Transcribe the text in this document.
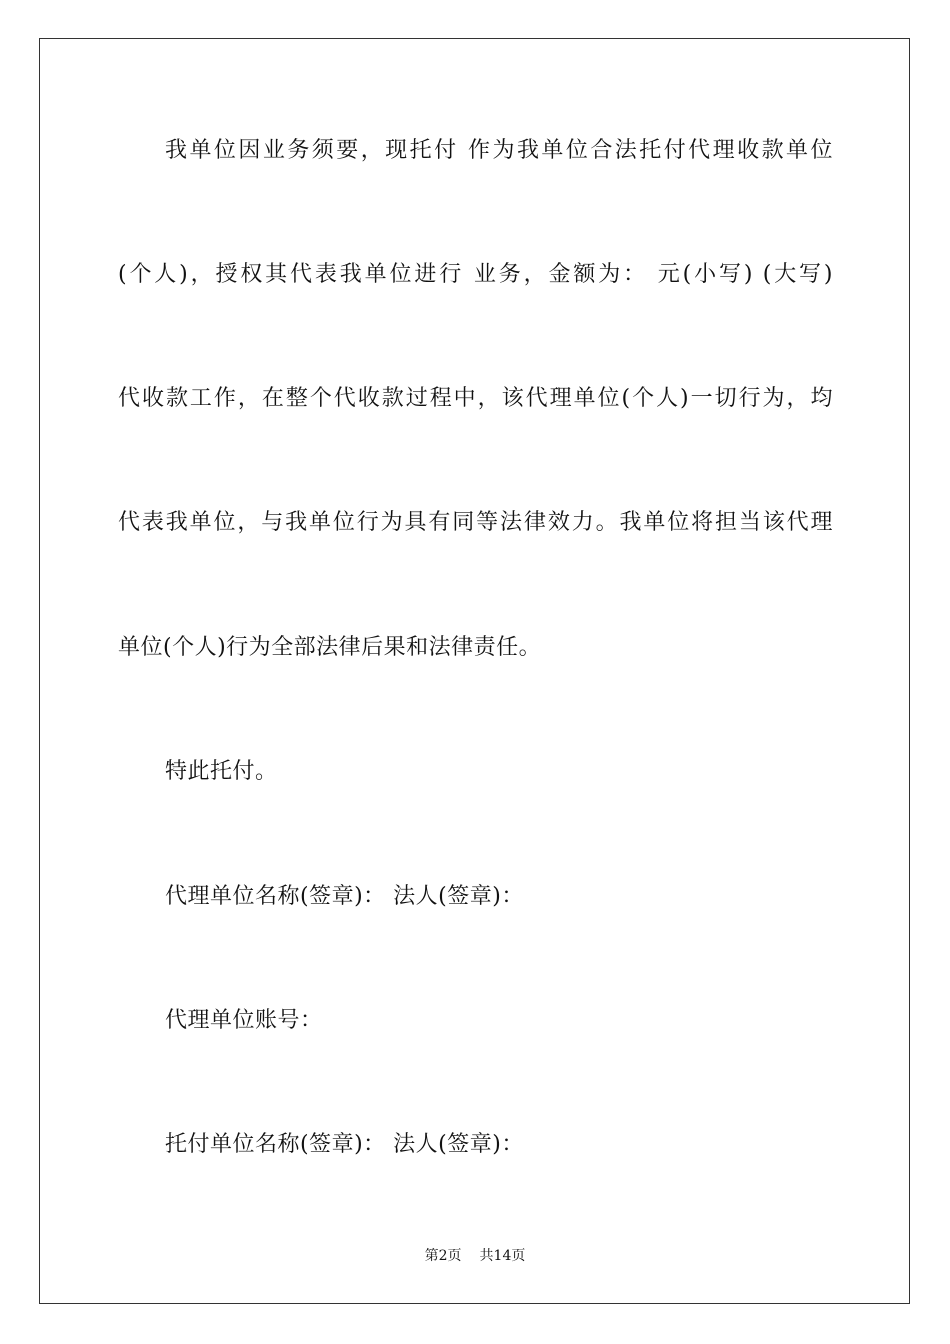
我单位因业务须要，现托付 作为我单位合法托付代理收款单位
(个人)，授权其代表我单位进行 业务，金额为： 元(小写) (大写)
代收款工作，在整个代收款过程中，该代理单位(个人)一切行为，均
代表我单位，与我单位行为具有同等法律效力。我单位将担当该代理
单位(个人)行为全部法律后果和法律责任。
特此托付。
代理单位名称(签章)： 法人(签章)：
代理单位账号：
托付单位名称(签章)： 法人(签章)：
第2页 共14页
